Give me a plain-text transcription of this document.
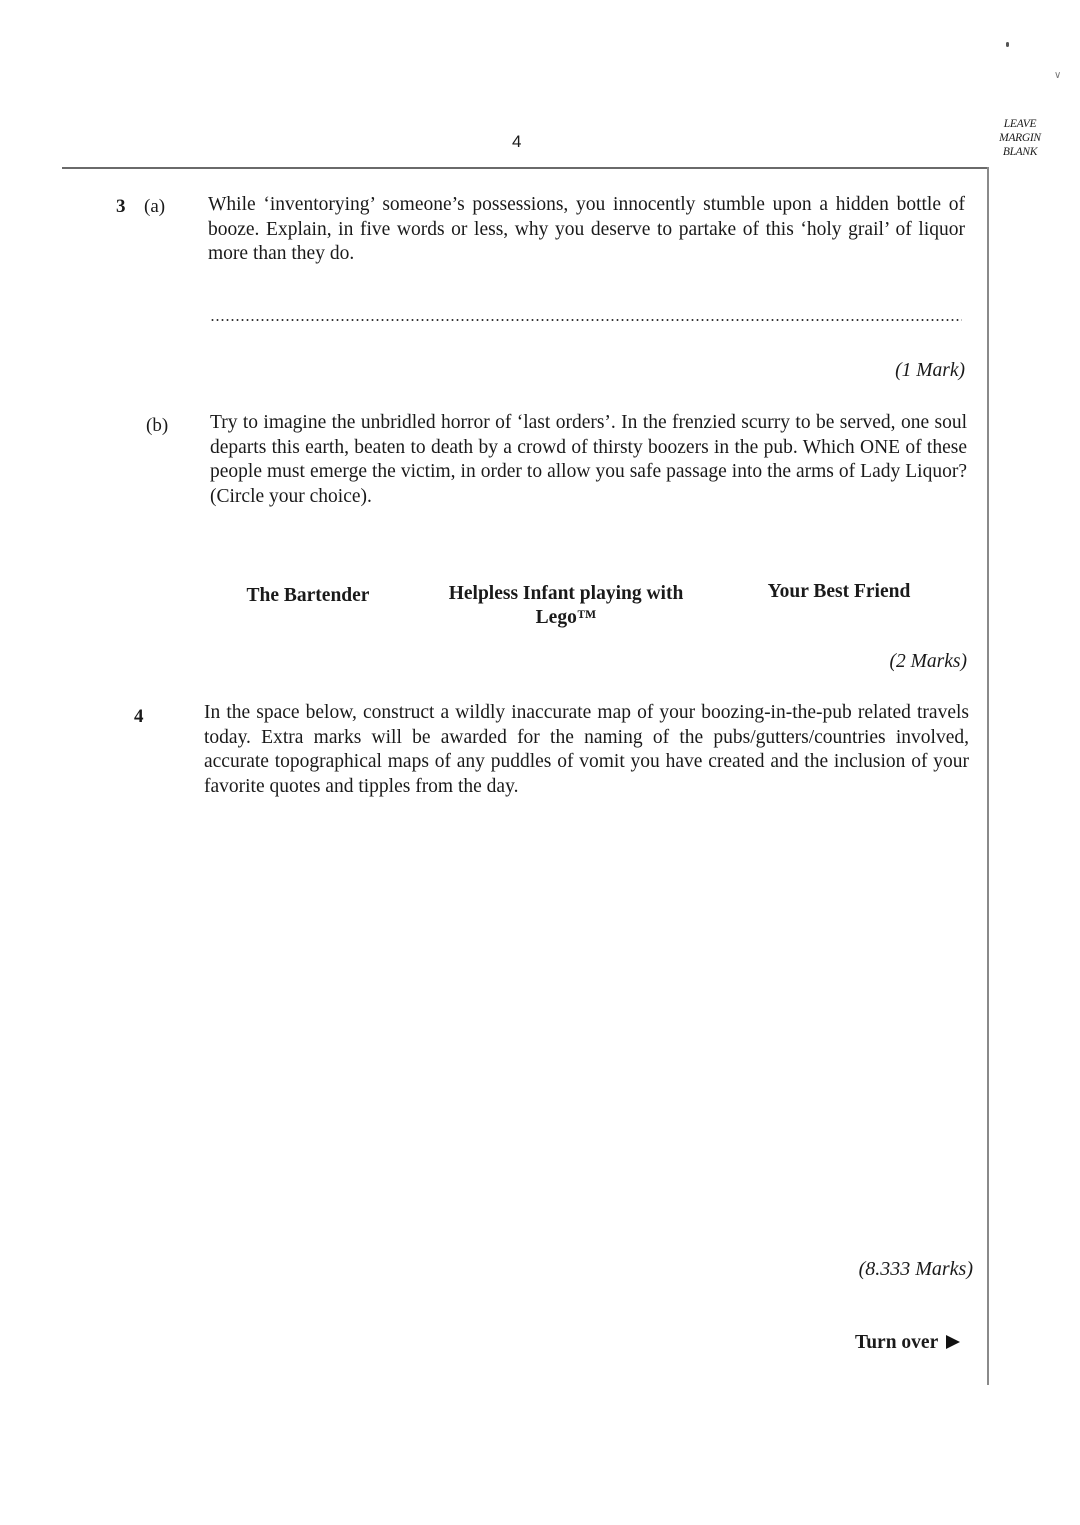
∨
4
LEAVE
MARGIN
BLANK
3 (a) While ‘inventorying’ someone’s possessions, you innocently stumble upon a hidden bottle of booze. Explain, in five words or less, why you deserve to partake of this ‘holy grail’ of liquor more than they do.
(1 Mark)
(b) Try to imagine the unbridled horror of ‘last orders’. In the frenzied scurry to be served, one soul departs this earth, beaten to death by a crowd of thirsty boozers in the pub. Which ONE of these people must emerge the victim, in order to allow you safe passage into the arms of Lady Liquor? (Circle your choice).
The Bartender	Helpless Infant playing with
Lego™
Your Best Friend
(2 Marks)
4	In the space below, construct a wildly inaccurate map of your boozing-in-the-pub related travels today. Extra marks will be awarded for the naming of the pubs/gutters/countries involved, accurate topographical maps of any puddles of vomit you have created and the inclusion of your favorite quotes and tipples from the day.
(8.333 Marks)
Turn over
